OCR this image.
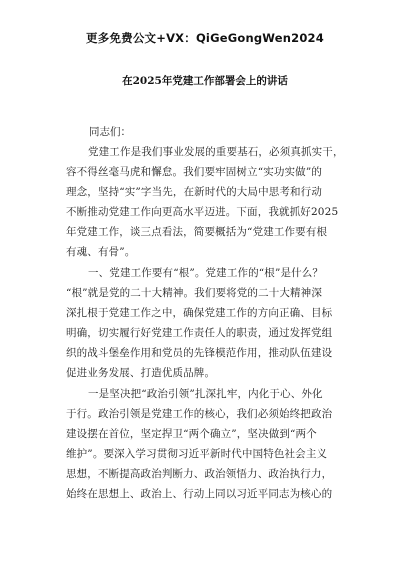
更多免费公文+VX：QiGeGongWen2024
在2025年党建工作部署会上的讲话
同志们：
党建工作是我们事业发展的重要基石，必须真抓实干，
容不得丝毫马虎和懈怠。我们要牢固树立“实功实做”的
理念，坚持“实”字当先，在新时代的大局中思考和行动
不断推动党建工作向更高水平迈进。下面，我就抓好2025
年党建工作，谈三点看法，简要概括为“党建工作要有根
有魂、有骨”。
一、党建工作要有“根”。党建工作的“根”是什么？
“根”就是党的二十大精神。我们要将党的二十大精神深
深扎根于党建工作之中，确保党建工作的方向正确、目标
明确，切实履行好党建工作责任人的职责，通过发挥党组
织的战斗堡垒作用和党员的先锋模范作用，推动队伍建设
促进业务发展、打造优质品牌。
一是坚决把“政治引领”扎深扎牢，内化于心、外化
于行。政治引领是党建工作的核心，我们必须始终把政治
建设摆在首位，坚定捍卫“两个确立”，坚决做到“两个
维护”。要深入学习贯彻习近平新时代中国特色社会主义
思想，不断提高政治判断力、政治领悟力、政治执行力，
始终在思想上、政治上、行动上同以习近平同志为核心的
